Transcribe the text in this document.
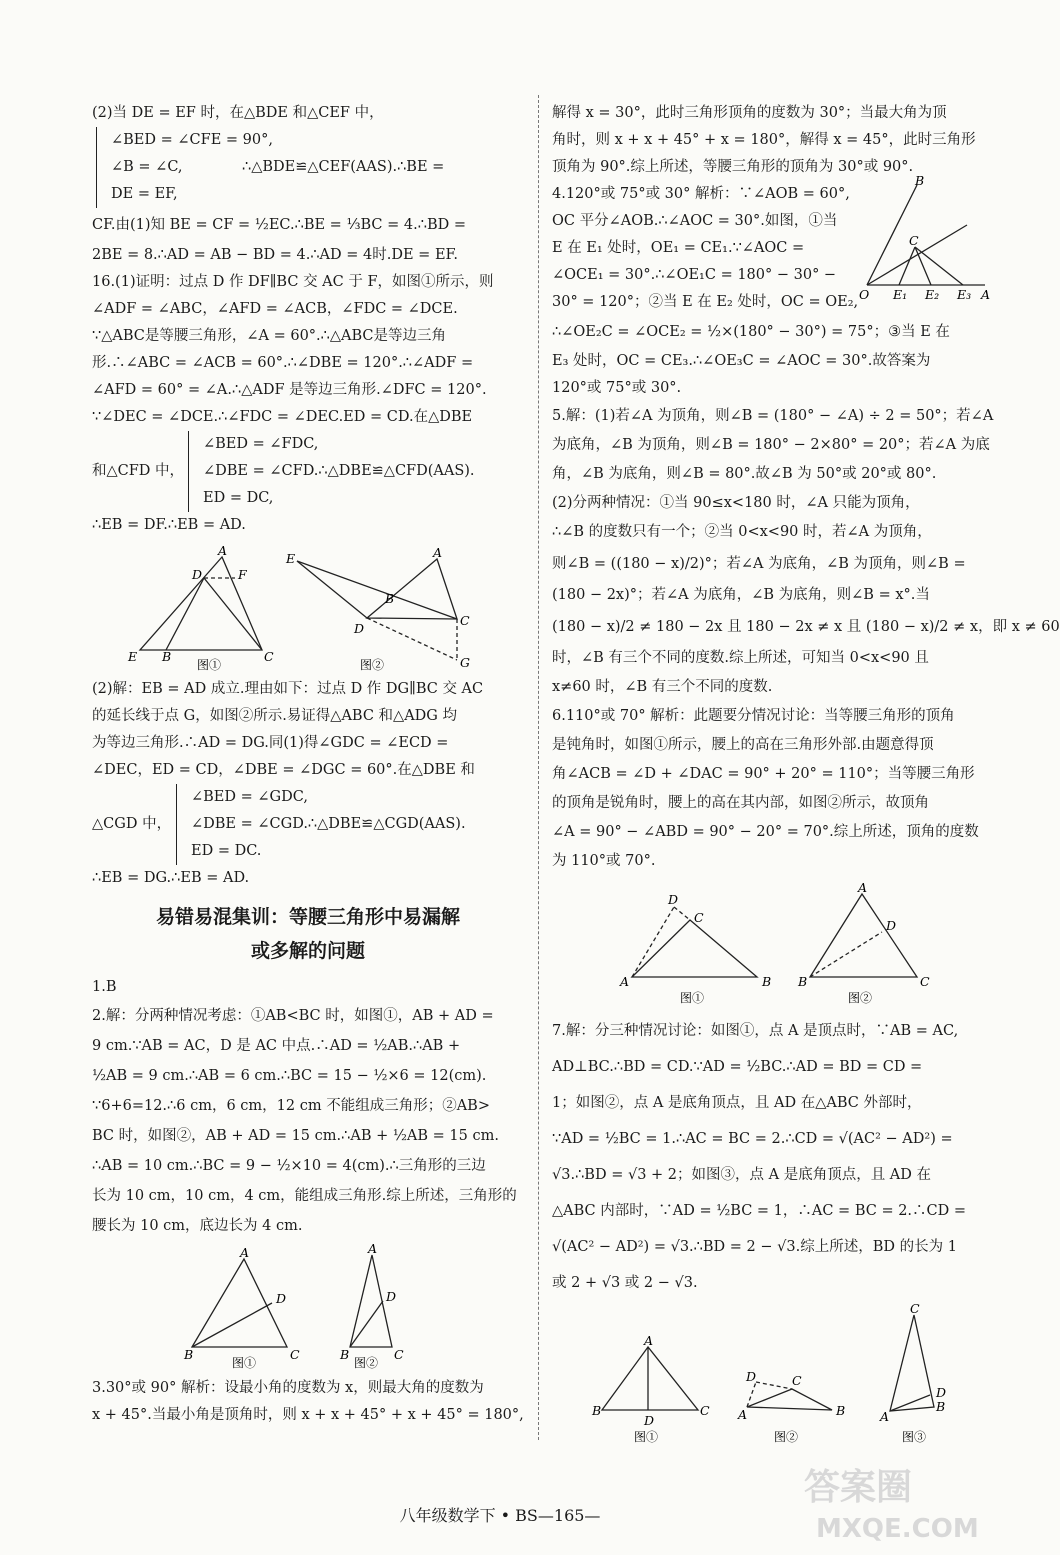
(2)当 DE = EF 时，在△BDE 和△CEF 中，
∠BED = ∠CFE = 90°,
∠B = ∠C,
DE = EF,
∴△BDE≌△CEF(AAS).∴BE =
CF.由(1)知 BE = CF = ½EC.∴BE = ⅓BC = 4.∴BD =
2BE = 8.∴AD = AB − BD = 4.∴AD = 4时.DE = EF.
16.(1)证明：过点 D 作 DF∥BC 交 AC 于 F，如图①所示，则
∠ADF = ∠ABC，∠AFD = ∠ACB，∠FDC = ∠DCE.
∵△ABC是等腰三角形，∠A = 60°.∴△ABC是等边三角
形.∴∠ABC = ∠ACB = 60°.∴∠DBE = 120°.∴∠ADF =
∠AFD = 60° = ∠A.∴△ADF 是等边三角形.∠DFC = 120°.
∵∠DEC = ∠DCE.∴∠FDC = ∠DEC.ED = CD.在△DBE
和△CFD 中，
∠BED = ∠FDC,
∠DBE = ∠CFD.∴△DBE≌△CFD(AAS).
ED = DC,
∴EB = DF.∴EB = AD.
A
D	F
E B	C
A
E
B
D
C
G
图①	图②
(2)解：EB = AD 成立.理由如下：过点 D 作 DG∥BC 交 AC
的延长线于点 G，如图②所示.易证得△ABC 和△ADG 均
为等边三角形.∴AD = DG.同(1)得∠GDC = ∠ECD =
∠DEC，ED = CD，∠DBE = ∠DGC = 60°.在△DBE 和
△CGD 中，
∠BED = ∠GDC,
∠DBE = ∠CGD.∴△DBE≌△CGD(AAS).
ED = DC.
∴EB = DG.∴EB = AD.
易错易混集训：等腰三角形中易漏解
或多解的问题
1.B
2.解：分两种情况考虑：①AB<BC 时，如图①，AB + AD =
9 cm.∵AB = AC，D 是 AC 中点.∴AD = ½AB.∴AB +
½AB = 9 cm.∴AB = 6 cm.∴BC = 15 − ½×6 = 12(cm).
∵6+6=12.∴6 cm，6 cm，12 cm 不能组成三角形；②AB>
BC 时，如图②，AB + AD = 15 cm.∴AB + ½AB = 15 cm.
∴AB = 10 cm.∴BC = 9 − ½×10 = 4(cm).∴三角形的三边
长为 10 cm，10 cm，4 cm，能组成三角形.综上所述，三角形的
腰长为 10 cm，底边长为 4 cm.
A
D
B	C
A
D
B	C
图①	图②
3.30°或 90° 解析：设最小角的度数为 x，则最大角的度数为
x + 45°.当最小角是顶角时，则 x + x + 45° + x + 45° = 180°,
解得 x = 30°，此时三角形顶角的度数为 30°；当最大角为顶
角时，则 x + x + 45° + x = 180°，解得 x = 45°，此时三角形
顶角为 90°.综上所述，等腰三角形的顶角为 30°或 90°.
4.120°或 75°或 30° 解析：∵∠AOB = 60°,
OC 平分∠AOB.∴∠AOC = 30°.如图，①当
E 在 E₁ 处时，OE₁ = CE₁.∵∠AOC =
∠OCE₁ = 30°.∴∠OE₁C = 180° − 30° −
30° = 120°；②当 E 在 E₂ 处时，OC = OE₂,
∴∠OE₂C = ∠OCE₂ = ½×(180° − 30°) = 75°；③当 E 在
E₃ 处时，OC = CE₃.∴∠OE₃C = ∠AOC = 30°.故答案为
120°或 75°或 30°.
B
C
O E₁ E₂ E₃ A
5.解：(1)若∠A 为顶角，则∠B = (180° − ∠A) ÷ 2 = 50°；若∠A
为底角，∠B 为顶角，则∠B = 180° − 2×80° = 20°；若∠A 为底
角，∠B 为底角，则∠B = 80°.故∠B 为 50°或 20°或 80°.
(2)分两种情况：①当 90≤x<180 时，∠A 只能为顶角，
∴∠B 的度数只有一个；②当 0<x<90 时，若∠A 为顶角，
则∠B = ((180 − x)/2)°；若∠A 为底角，∠B 为顶角，则∠B =
(180 − 2x)°；若∠A 为底角，∠B 为底角，则∠B = x°.当
(180 − x)/2 ≠ 180 − 2x 且 180 − 2x ≠ x 且 (180 − x)/2 ≠ x，即 x ≠ 60
时，∠B 有三个不同的度数.综上所述，可知当 0<x<90 且
x≠60 时，∠B 有三个不同的度数.
6.110°或 70° 解析：此题要分情况讨论：当等腰三角形的顶角
是钝角时，如图①所示，腰上的高在三角形外部.由题意得顶
角∠ACB = ∠D + ∠DAC = 90° + 20° = 110°；当等腰三角形
的顶角是锐角时，腰上的高在其内部，如图②所示，故顶角
∠A = 90° − ∠ABD = 90° − 20° = 70°.综上所述，顶角的度数
为 110°或 70°.
D
C
A	B
A
D
B	C
图①	图②
7.解：分三种情况讨论：如图①，点 A 是顶点时，∵AB = AC,
AD⊥BC.∴BD = CD.∵AD = ½BC.∴AD = BD = CD =
1；如图②，点 A 是底角顶点，且 AD 在△ABC 外部时，
∵AD = ½BC = 1.∴AC = BC = 2.∴CD = √(AC² − AD²) =
√3.∴BD = √3 + 2；如图③，点 A 是底角顶点，且 AD 在
△ABC 内部时，∵AD = ½BC = 1，∴AC = BC = 2.∴CD =
√(AC² − AD²) = √3.∴BD = 2 − √3.综上所述，BD 的长为 1
或 2 + √3 或 2 − √3.
A
B	C
D
D	C
A	B
C
D
A
B
图①	图②	图③
八年级数学下 • BS—165—
答案圈
MXQE.COM
